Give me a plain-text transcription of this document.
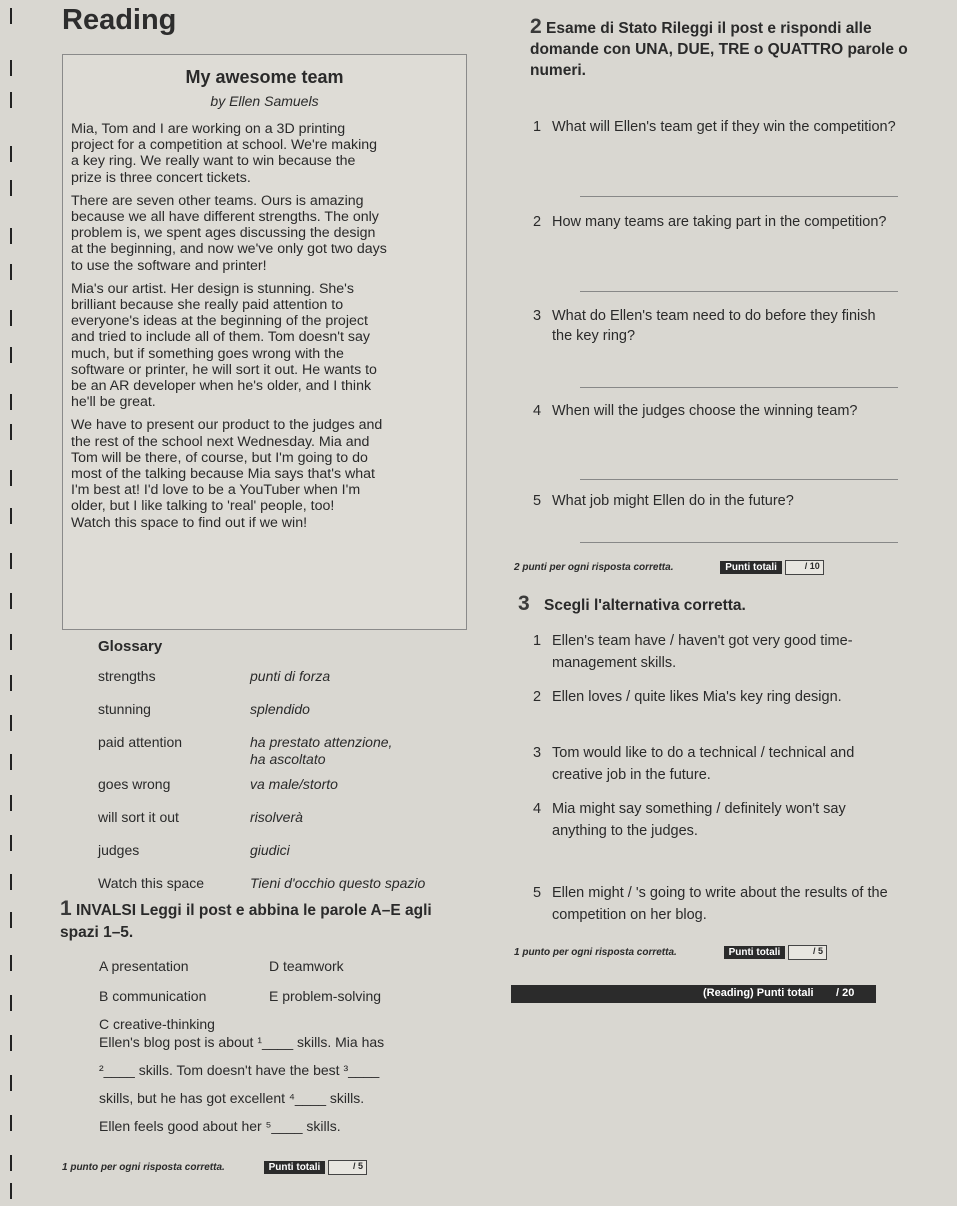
Reading
My awesome team
by Ellen Samuels

Mia, Tom and I are working on a 3D printing
project for a competition at school. We're making
a key ring. We really want to win because the
prize is three concert tickets.

There are seven other teams. Ours is amazing
because we all have different strengths. The only
problem is, we spent ages discussing the design
at the beginning, and now we've only got two days
to use the software and printer!

Mia's our artist. Her design is stunning. She's
brilliant because she really paid attention to
everyone's ideas at the beginning of the project
and tried to include all of them. Tom doesn't say
much, but if something goes wrong with the
software or printer, he will sort it out. He wants to
be an AR developer when he's older, and I think
he'll be great.

We have to present our product to the judges and
the rest of the school next Wednesday. Mia and
Tom will be there, of course, but I'm going to do
most of the talking because Mia says that's what
I'm best at! I'd love to be a YouTuber when I'm
older, but I like talking to 'real' people, too!
Watch this space to find out if we win!

Glossary
strengths	punti di forza
stunning	splendido
paid attention	ha prestato attenzione,
ha ascoltato
goes wrong	va male/storto
will sort it out	risolverà
judges	giudici
Watch this space	Tieni d'occhio questo spazio
1 INVALSI Leggi il post e abbina le parole A–E agli spazi 1–5.
A presentation
B communication
C creative-thinking
D teamwork
E problem-solving
Ellen's blog post is about ¹____ skills. Mia has
²____ skills. Tom doesn't have the best ³____
skills, but he has got excellent ⁴____ skills.
Ellen feels good about her ⁵____ skills.
1 punto per ogni risposta corretta.	Punti totali	/ 5
2 Esame di Stato Rileggi il post e rispondi alle domande con UNA, DUE, TRE o QUATTRO parole o numeri.
1 What will Ellen's team get if they win the competition?
2 How many teams are taking part in the competition?
3 What do Ellen's team need to do before they finish the key ring?
4 When will the judges choose the winning team?
5 What job might Ellen do in the future?
2 punti per ogni risposta corretta.	Punti totali	/ 10
3 Scegli l'alternativa corretta.
1 Ellen's team have / haven't got very good time-management skills.
2 Ellen loves / quite likes Mia's key ring design.
3 Tom would like to do a technical / technical and creative job in the future.
4 Mia might say something / definitely won't say anything to the judges.
5 Ellen might / 's going to write about the results of the competition on her blog.
1 punto per ogni risposta corretta.	Punti totali	/ 5
(Reading) Punti totali / 20
